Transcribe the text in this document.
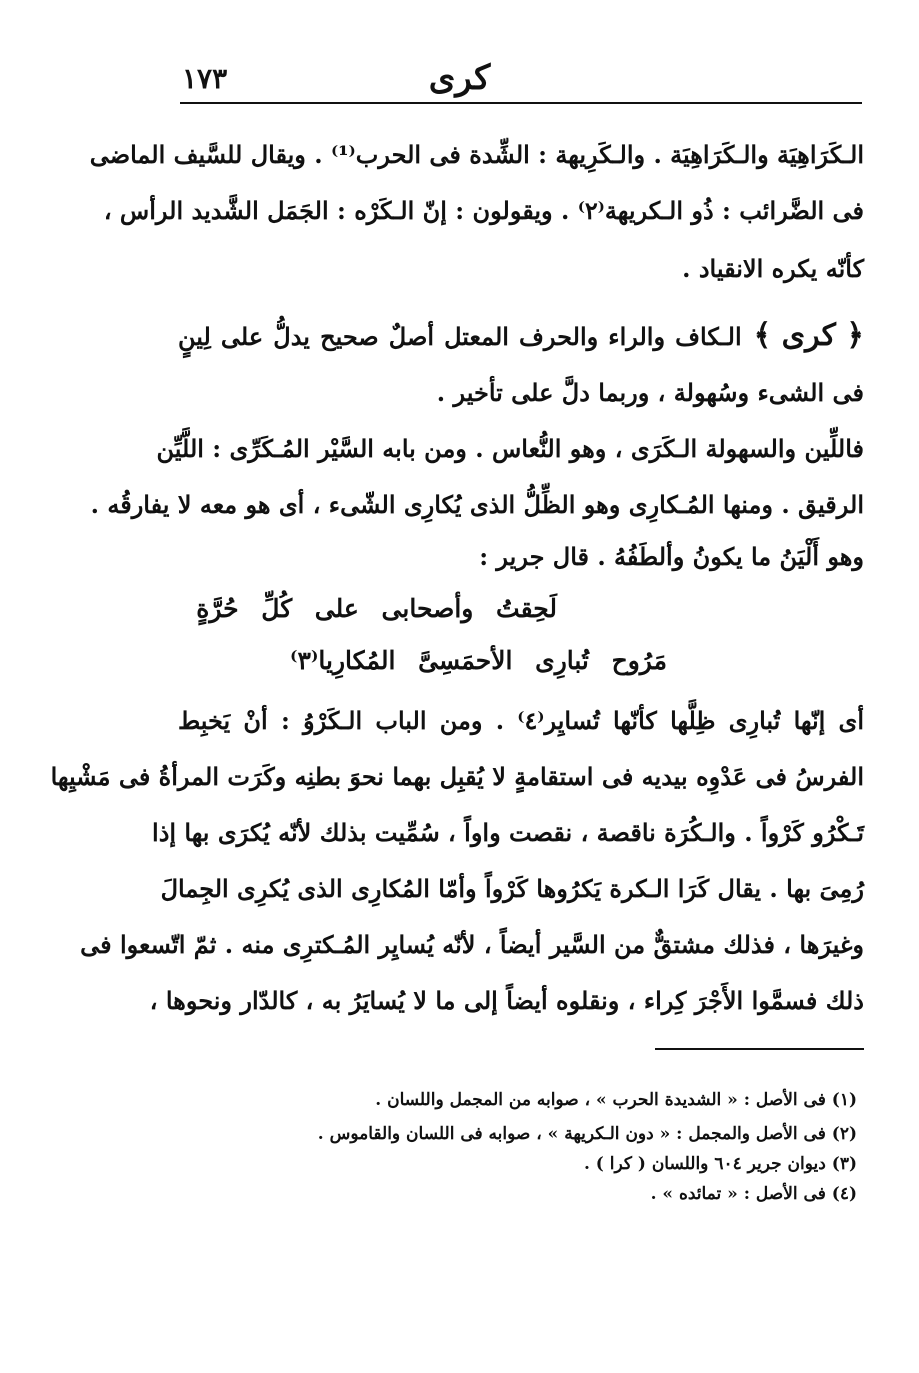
كرى
١٧٣
الـكَرَاهِيَة والـكَرَاهِيَة . والـكَرِيهة : الشِّدة فى الحرب⁽¹⁾ . ويقال للسَّيف الماضى
فى الضَّرائب : ذُو الـكريهة⁽٢⁾ . ويقولون : إنّ الـكَرْه : الجَمَل الشَّديد الرأس ،
كأنّه يكره الانقياد .
﴿ كرى ﴾الـكاف والراء والحرف المعتل أصلٌ صحيح يدلُّ على لِينٍ
فى الشىء وسُهولة ، وربما دلَّ على تأخير .
فاللِّين والسهولة الـكَرَى ، وهو النُّعاس . ومن بابه السَّيْر المُـكَرِّى : اللَّيِّن
الرقيق . ومنها المُـكارِى وهو الظِّلُّ الذى يُكارِى الشّىء ، أى هو معه لا يفارقُه .
وهو أَلْيَنُ ما يكونُ وألطَفُهُ . قال جرير :
لَحِقتُ وأصحابى على كُلِّ حُرَّةٍ
مَرُوح تُبارِى الأحمَسِىَّ المُكارِيا⁽٣⁾
أى إنّها تُبارِى ظِلَّها كأنّها تُسايِر⁽٤⁾ . ومن الباب الـكَرْوُ : أنْ يَخبِط
الفرسُ فى عَدْوِه بيديه فى استقامةٍ لا يُقبِل بهما نحوَ بطنِه وكَرَت المرأةُ فى مَشْيِها
تَـكْرُو كَرْواً . والـكُرَة ناقصة ، نقصت واواً ، سُمِّيت بذلك لأنّه يُكرَى بها إذا
رُمِىَ بها . يقال كَرَا الـكرة يَكرُوها كَرْواً وأمّا المُكارِى الذى يُكرِى الجِمالَ
وغيرَها ، فذلك مشتقٌّ من السَّير أيضاً ، لأنّه يُسايِر المُـكترِى منه . ثمّ اتّسعوا فى
ذلك فسمَّوا الأَجْرَ كِراء ، ونقلوه أيضاً إلى ما لا يُسايَرُ به ، كالدّار ونحوها ،
(١) فى الأصل : « الشديدة الحرب » ، صوابه من المجمل واللسان .
(٢) فى الأصل والمجمل : « دون الـكريهة » ، صوابه فى اللسان والقاموس .
(٣) ديوان جرير ٦٠٤ واللسان ( كرا ) .
(٤) فى الأصل : « تمائده » .
